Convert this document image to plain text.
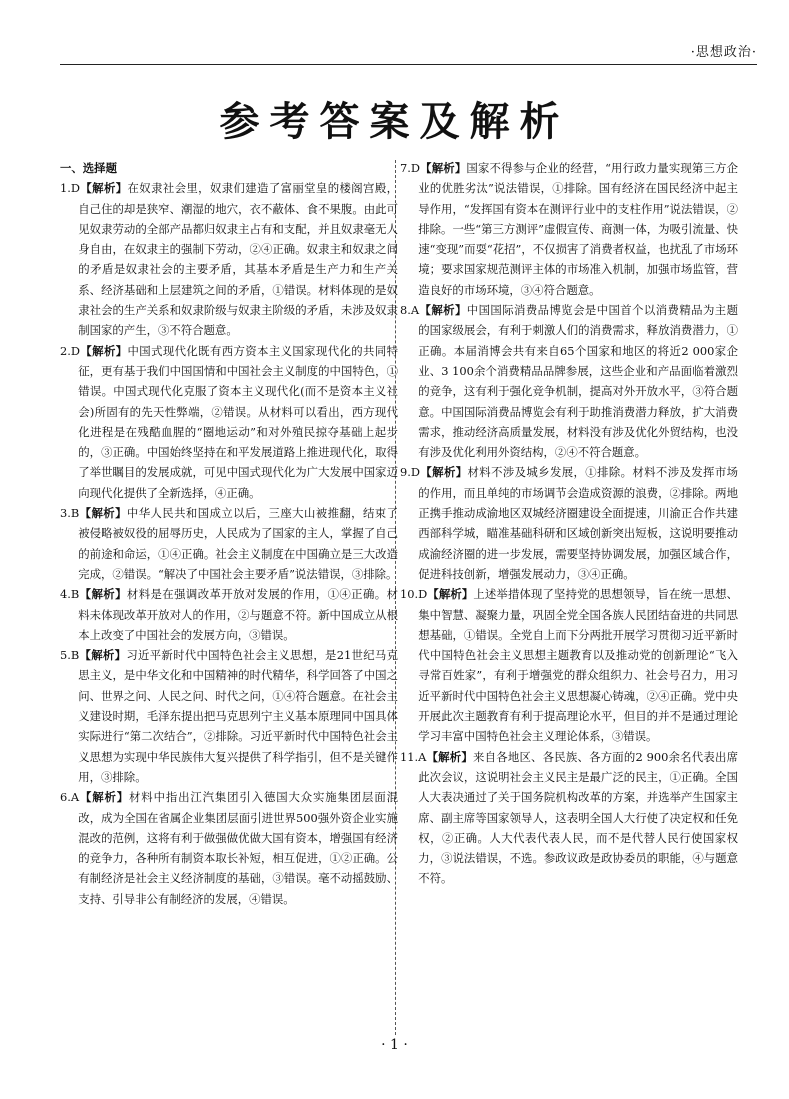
·思想政治·
参考答案及解析
一、选择题
1.D【解析】在奴隶社会里，奴隶们建造了富丽堂皇的楼阁宫殿，自己住的却是狭窄、潮湿的地穴，衣不蔽体、食不果腹。由此可见奴隶劳动的全部产品都归奴隶主占有和支配，并且奴隶毫无人身自由，在奴隶主的强制下劳动，②④正确。奴隶主和奴隶之间的矛盾是奴隶社会的主要矛盾，其基本矛盾是生产力和生产关系、经济基础和上层建筑之间的矛盾，①错误。材料体现的是奴隶社会的生产关系和奴隶阶级与奴隶主阶级的矛盾，未涉及奴隶制国家的产生，③不符合题意。
2.D【解析】中国式现代化既有西方资本主义国家现代化的共同特征，更有基于我们中国国情和中国社会主义制度的中国特色，①错误。中国式现代化克服了资本主义现代化(而不是资本主义社会)所固有的先天性弊端，②错误。从材料可以看出，西方现代化进程是在残酷血腥的“圈地运动”和对外殖民掠夺基础上起步的，③正确。中国始终坚持在和平发展道路上推进现代化，取得了举世瞩目的发展成就，可见中国式现代化为广大发展中国家迈向现代化提供了全新选择，④正确。
3.B【解析】中华人民共和国成立以后，三座大山被推翻，结束了被侵略被奴役的屈辱历史，人民成为了国家的主人，掌握了自己的前途和命运，①④正确。社会主义制度在中国确立是三大改造完成，②错误。“解决了中国社会主要矛盾”说法错误，③排除。
4.B【解析】材料是在强调改革开放对发展的作用，①④正确。材料未体现改革开放对人的作用，②与题意不符。新中国成立从根本上改变了中国社会的发展方向，③错误。
5.B【解析】习近平新时代中国特色社会主义思想，是21世纪马克思主义，是中华文化和中国精神的时代精华，科学回答了中国之问、世界之问、人民之问、时代之问，①④符合题意。在社会主义建设时期，毛泽东提出把马克思列宁主义基本原理同中国具体实际进行“第二次结合”，②排除。习近平新时代中国特色社会主义思想为实现中华民族伟大复兴提供了科学指引，但不是关键作用，③排除。
6.A【解析】材料中指出江汽集团引入德国大众实施集团层面混改，成为全国在省属企业集团层面引进世界500强外资企业实施混改的范例，这将有利于做强做优做大国有资本，增强国有经济的竞争力，各种所有制资本取长补短，相互促进，①②正确。公有制经济是社会主义经济制度的基础，③错误。毫不动摇鼓励、支持、引导非公有制经济的发展，④错误。
7.D【解析】国家不得参与企业的经营，“用行政力量实现第三方企业的优胜劣汰”说法错误，①排除。国有经济在国民经济中起主导作用，“发挥国有资本在测评行业中的支柱作用”说法错误，②排除。一些“第三方测评”虚假宣传、商测一体，为吸引流量、快速“变现”而耍“花招”，不仅损害了消费者权益，也扰乱了市场环境；要求国家规范测评主体的市场准入机制，加强市场监管，营造良好的市场环境，③④符合题意。
8.A【解析】中国国际消费品博览会是中国首个以消费精品为主题的国家级展会，有利于刺激人们的消费需求，释放消费潜力，①正确。本届消博会共有来自65个国家和地区的将近2 000家企业、3 100余个消费精品品牌参展，这些企业和产品面临着激烈的竞争，这有利于强化竞争机制，提高对外开放水平，③符合题意。中国国际消费品博览会有利于助推消费潜力释放，扩大消费需求，推动经济高质量发展，材料没有涉及优化外贸结构，也没有涉及优化利用外资结构，②④不符合题意。
9.D【解析】材料不涉及城乡发展，①排除。材料不涉及发挥市场的作用，而且单纯的市场调节会造成资源的浪费，②排除。两地正携手推动成渝地区双城经济圈建设全面提速，川渝正合作共建西部科学城，瞄准基础科研和区域创新突出短板，这说明要推动成渝经济圈的进一步发展，需要坚持协调发展，加强区域合作，促进科技创新，增强发展动力，③④正确。
10.D【解析】上述举措体现了坚持党的思想领导，旨在统一思想、集中智慧、凝聚力量，巩固全党全国各族人民团结奋进的共同思想基础，①错误。全党自上而下分两批开展学习贯彻习近平新时代中国特色社会主义思想主题教育以及推动党的创新理论“飞入寻常百姓家”，有利于增强党的群众组织力、社会号召力，用习近平新时代中国特色社会主义思想凝心铸魂，②④正确。党中央开展此次主题教育有利于提高理论水平，但目的并不是通过理论学习丰富中国特色社会主义理论体系，③错误。
11.A【解析】来自各地区、各民族、各方面的2 900余名代表出席此次会议，这说明社会主义民主是最广泛的民主，①正确。全国人大表决通过了关于国务院机构改革的方案，并选举产生国家主席、副主席等国家领导人，这表明全国人大行使了决定权和任免权，②正确。人大代表代表人民，而不是代替人民行使国家权力，③说法错误，不选。参政议政是政协委员的职能，④与题意不符。
· 1 ·
